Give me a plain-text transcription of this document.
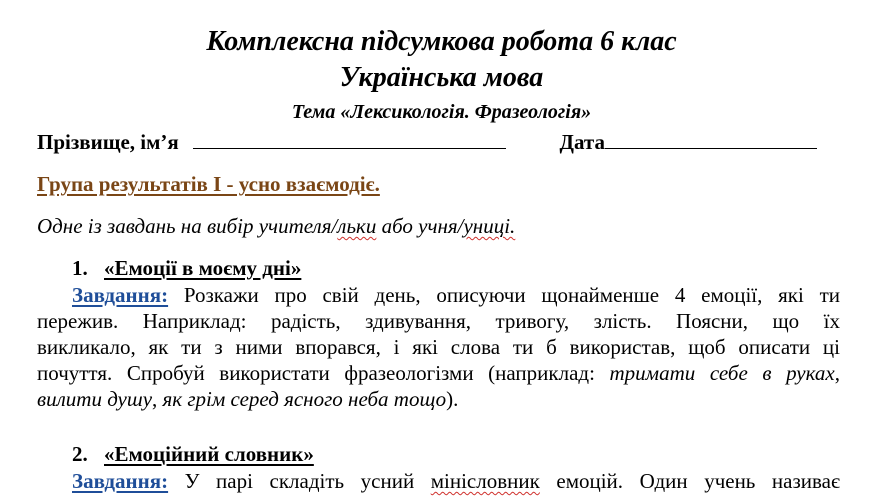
Комплексна підсумкова робота 6 клас
Українська мова
Тема «Лексикологія. Фразеологія»
Прізвище, ім’я	Дата
Група результатів І - усно взаємодіє.
Одне із завдань на вибір учителя/льки або учня/униці.
1. «Емоції в моєму дні»
Завдання: Розкажи про свій день, описуючи щонайменше 4 емоції, які ти
пережив. Наприклад: радість, здивування, тривогу, злість. Поясни, що їх
викликало, як ти з ними впорався, і які слова ти б використав, щоб описати ці
почуття. Спробуй використати фразеологізми (наприклад: тримати себе в руках,
вилити душу, як грім серед ясного неба тощо).
2. «Емоційний словник»
Завдання: У парі складіть усний мінісловник емоцій. Один учень називає
